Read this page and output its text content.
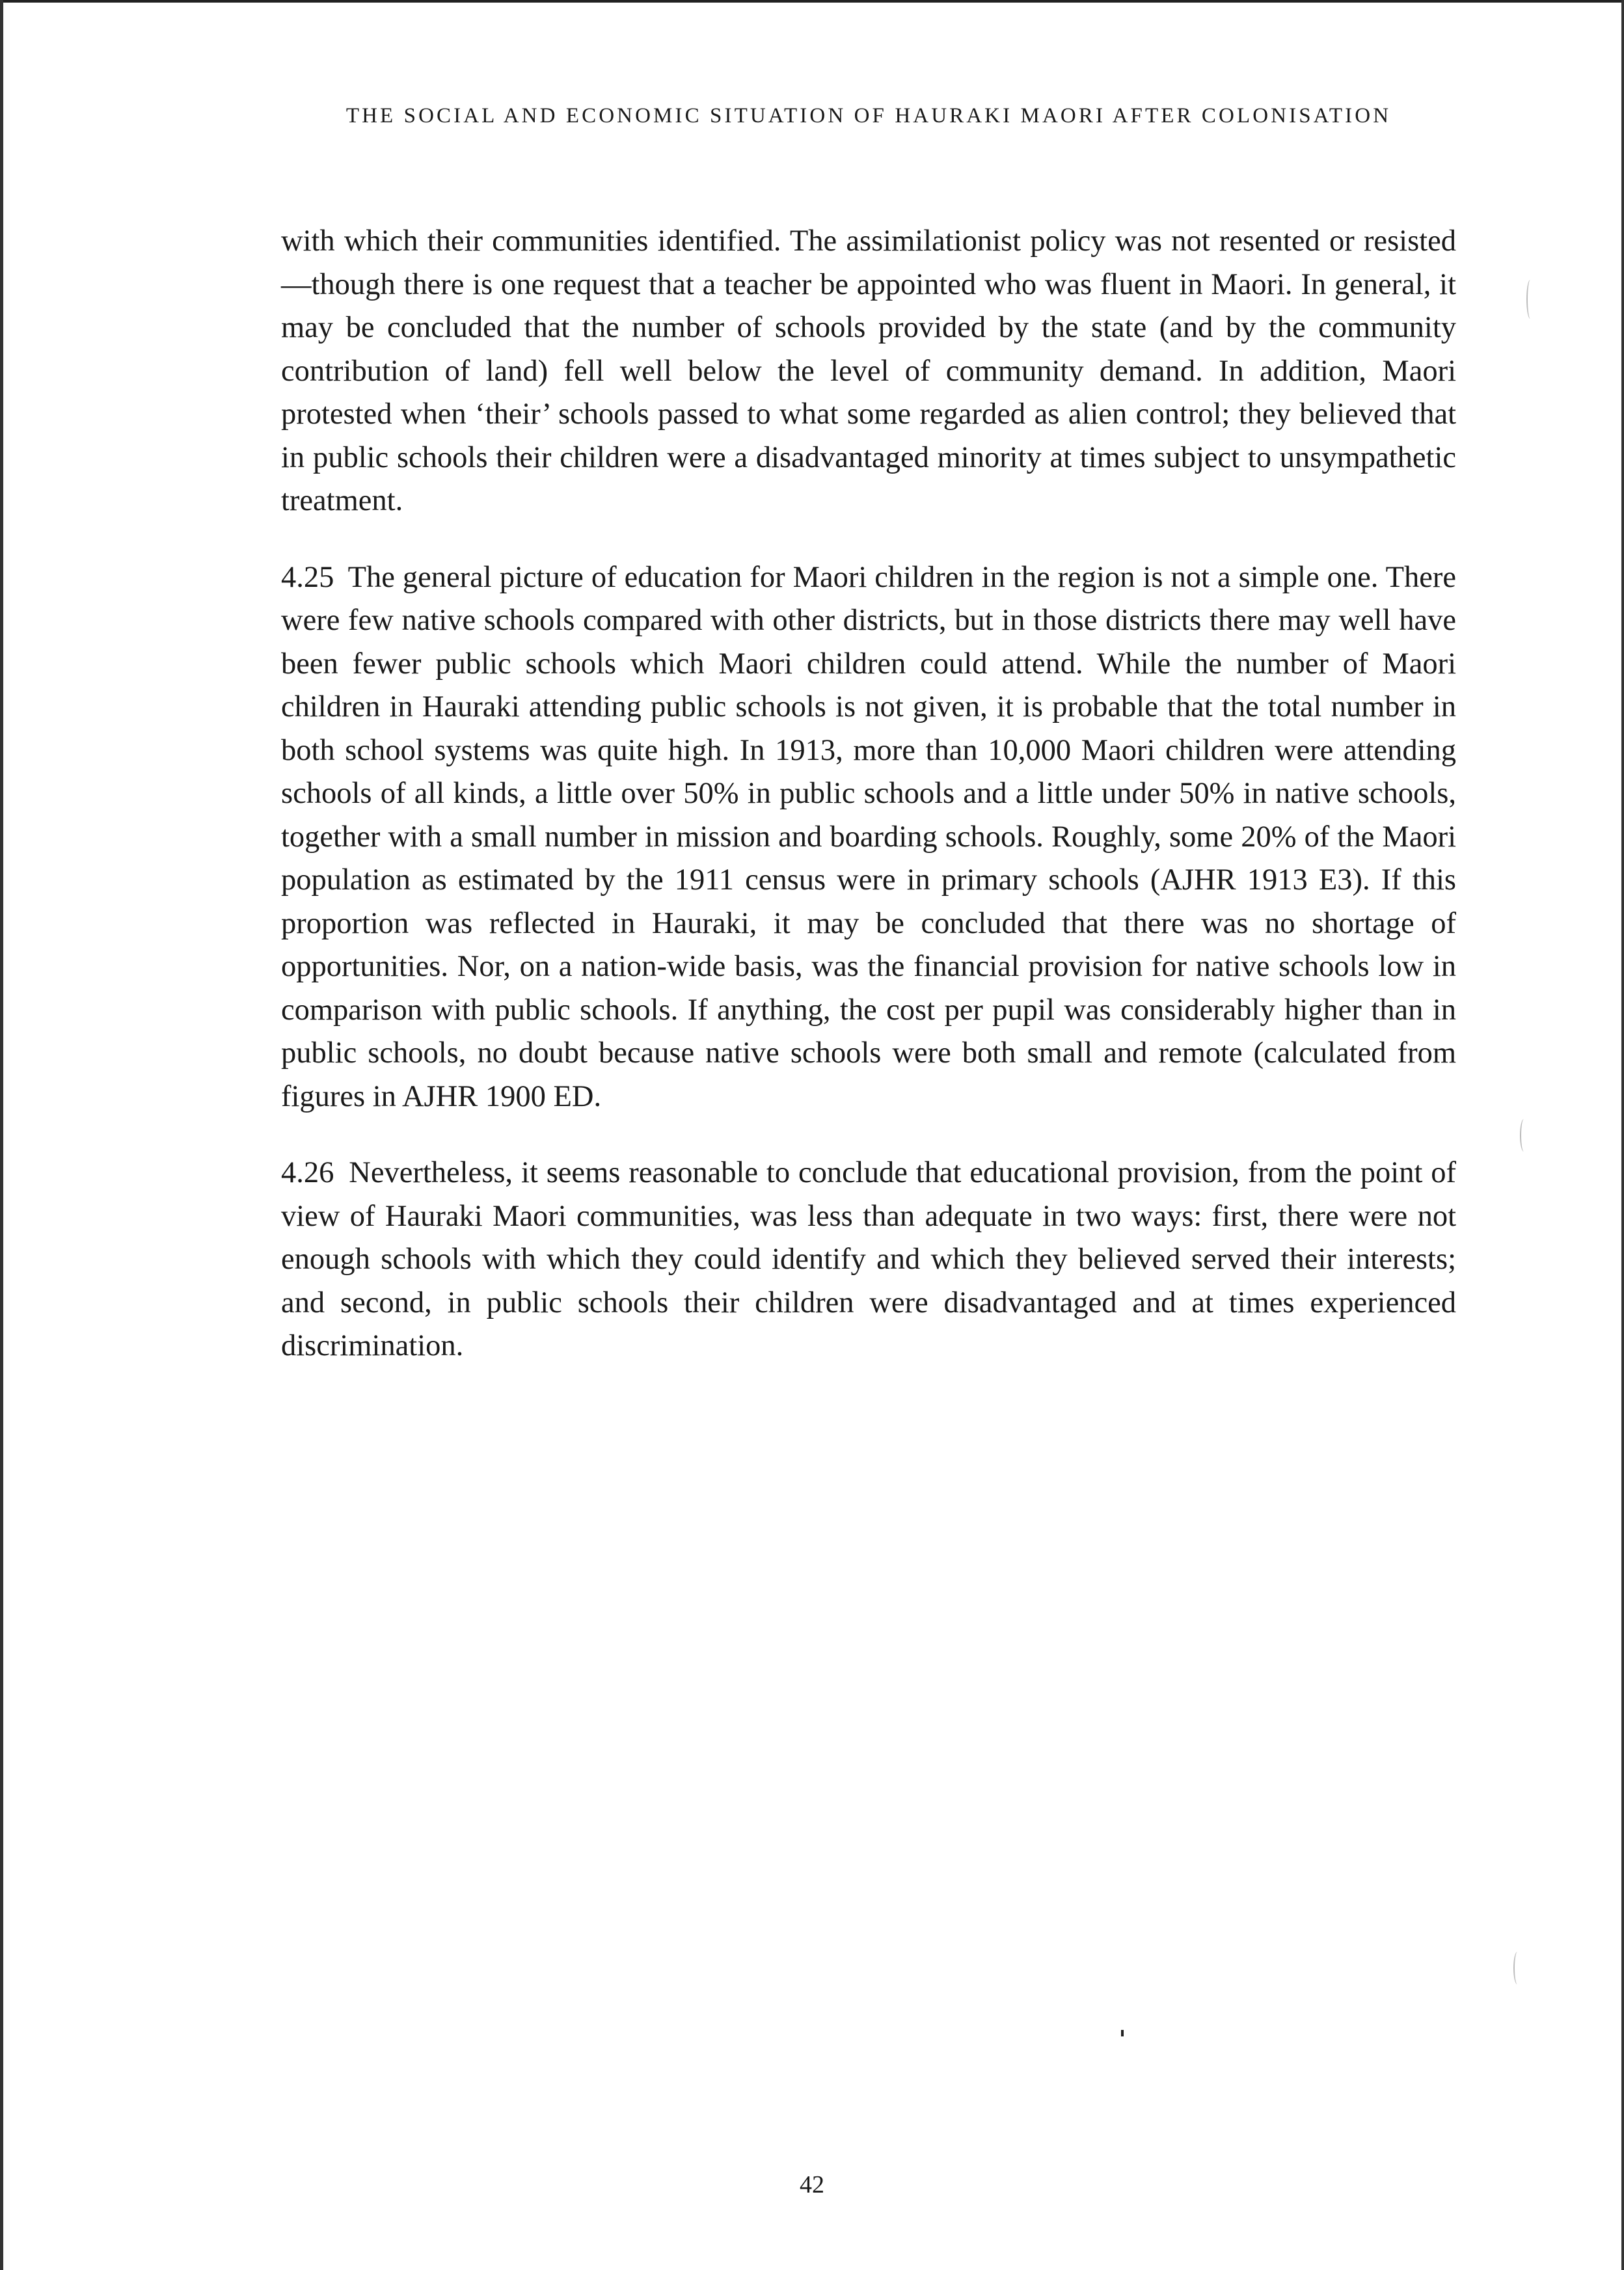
THE SOCIAL AND ECONOMIC SITUATION OF HAURAKI MAORI AFTER COLONISATION

with which their communities identified. The assimilationist policy was not resented or resisted—though there is one request that a teacher be appointed who was fluent in Maori. In general, it may be concluded that the number of schools provided by the state (and by the community contribution of land) fell well below the level of community demand. In addition, Maori protested when ‘their’ schools passed to what some regarded as alien control; they believed that in public schools their children were a disadvantaged minority at times subject to unsympathetic treatment.

4.25 The general picture of education for Maori children in the region is not a simple one. There were few native schools compared with other districts, but in those districts there may well have been fewer public schools which Maori children could attend. While the number of Maori children in Hauraki attending public schools is not given, it is probable that the total number in both school systems was quite high. In 1913, more than 10,000 Maori children were attending schools of all kinds, a little over 50% in public schools and a little under 50% in native schools, together with a small number in mission and boarding schools. Roughly, some 20% of the Maori population as estimated by the 1911 census were in primary schools (AJHR 1913 E3). If this proportion was reflected in Hauraki, it may be concluded that there was no shortage of opportunities. Nor, on a nation-wide basis, was the financial provision for native schools low in comparison with public schools. If anything, the cost per pupil was considerably higher than in public schools, no doubt because native schools were both small and remote (calculated from figures in AJHR 1900 ED.

4.26 Nevertheless, it seems reasonable to conclude that educational provision, from the point of view of Hauraki Maori communities, was less than adequate in two ways: first, there were not enough schools with which they could identify and which they believed served their interests; and second, in public schools their children were disadvantaged and at times experienced discrimination.

42
